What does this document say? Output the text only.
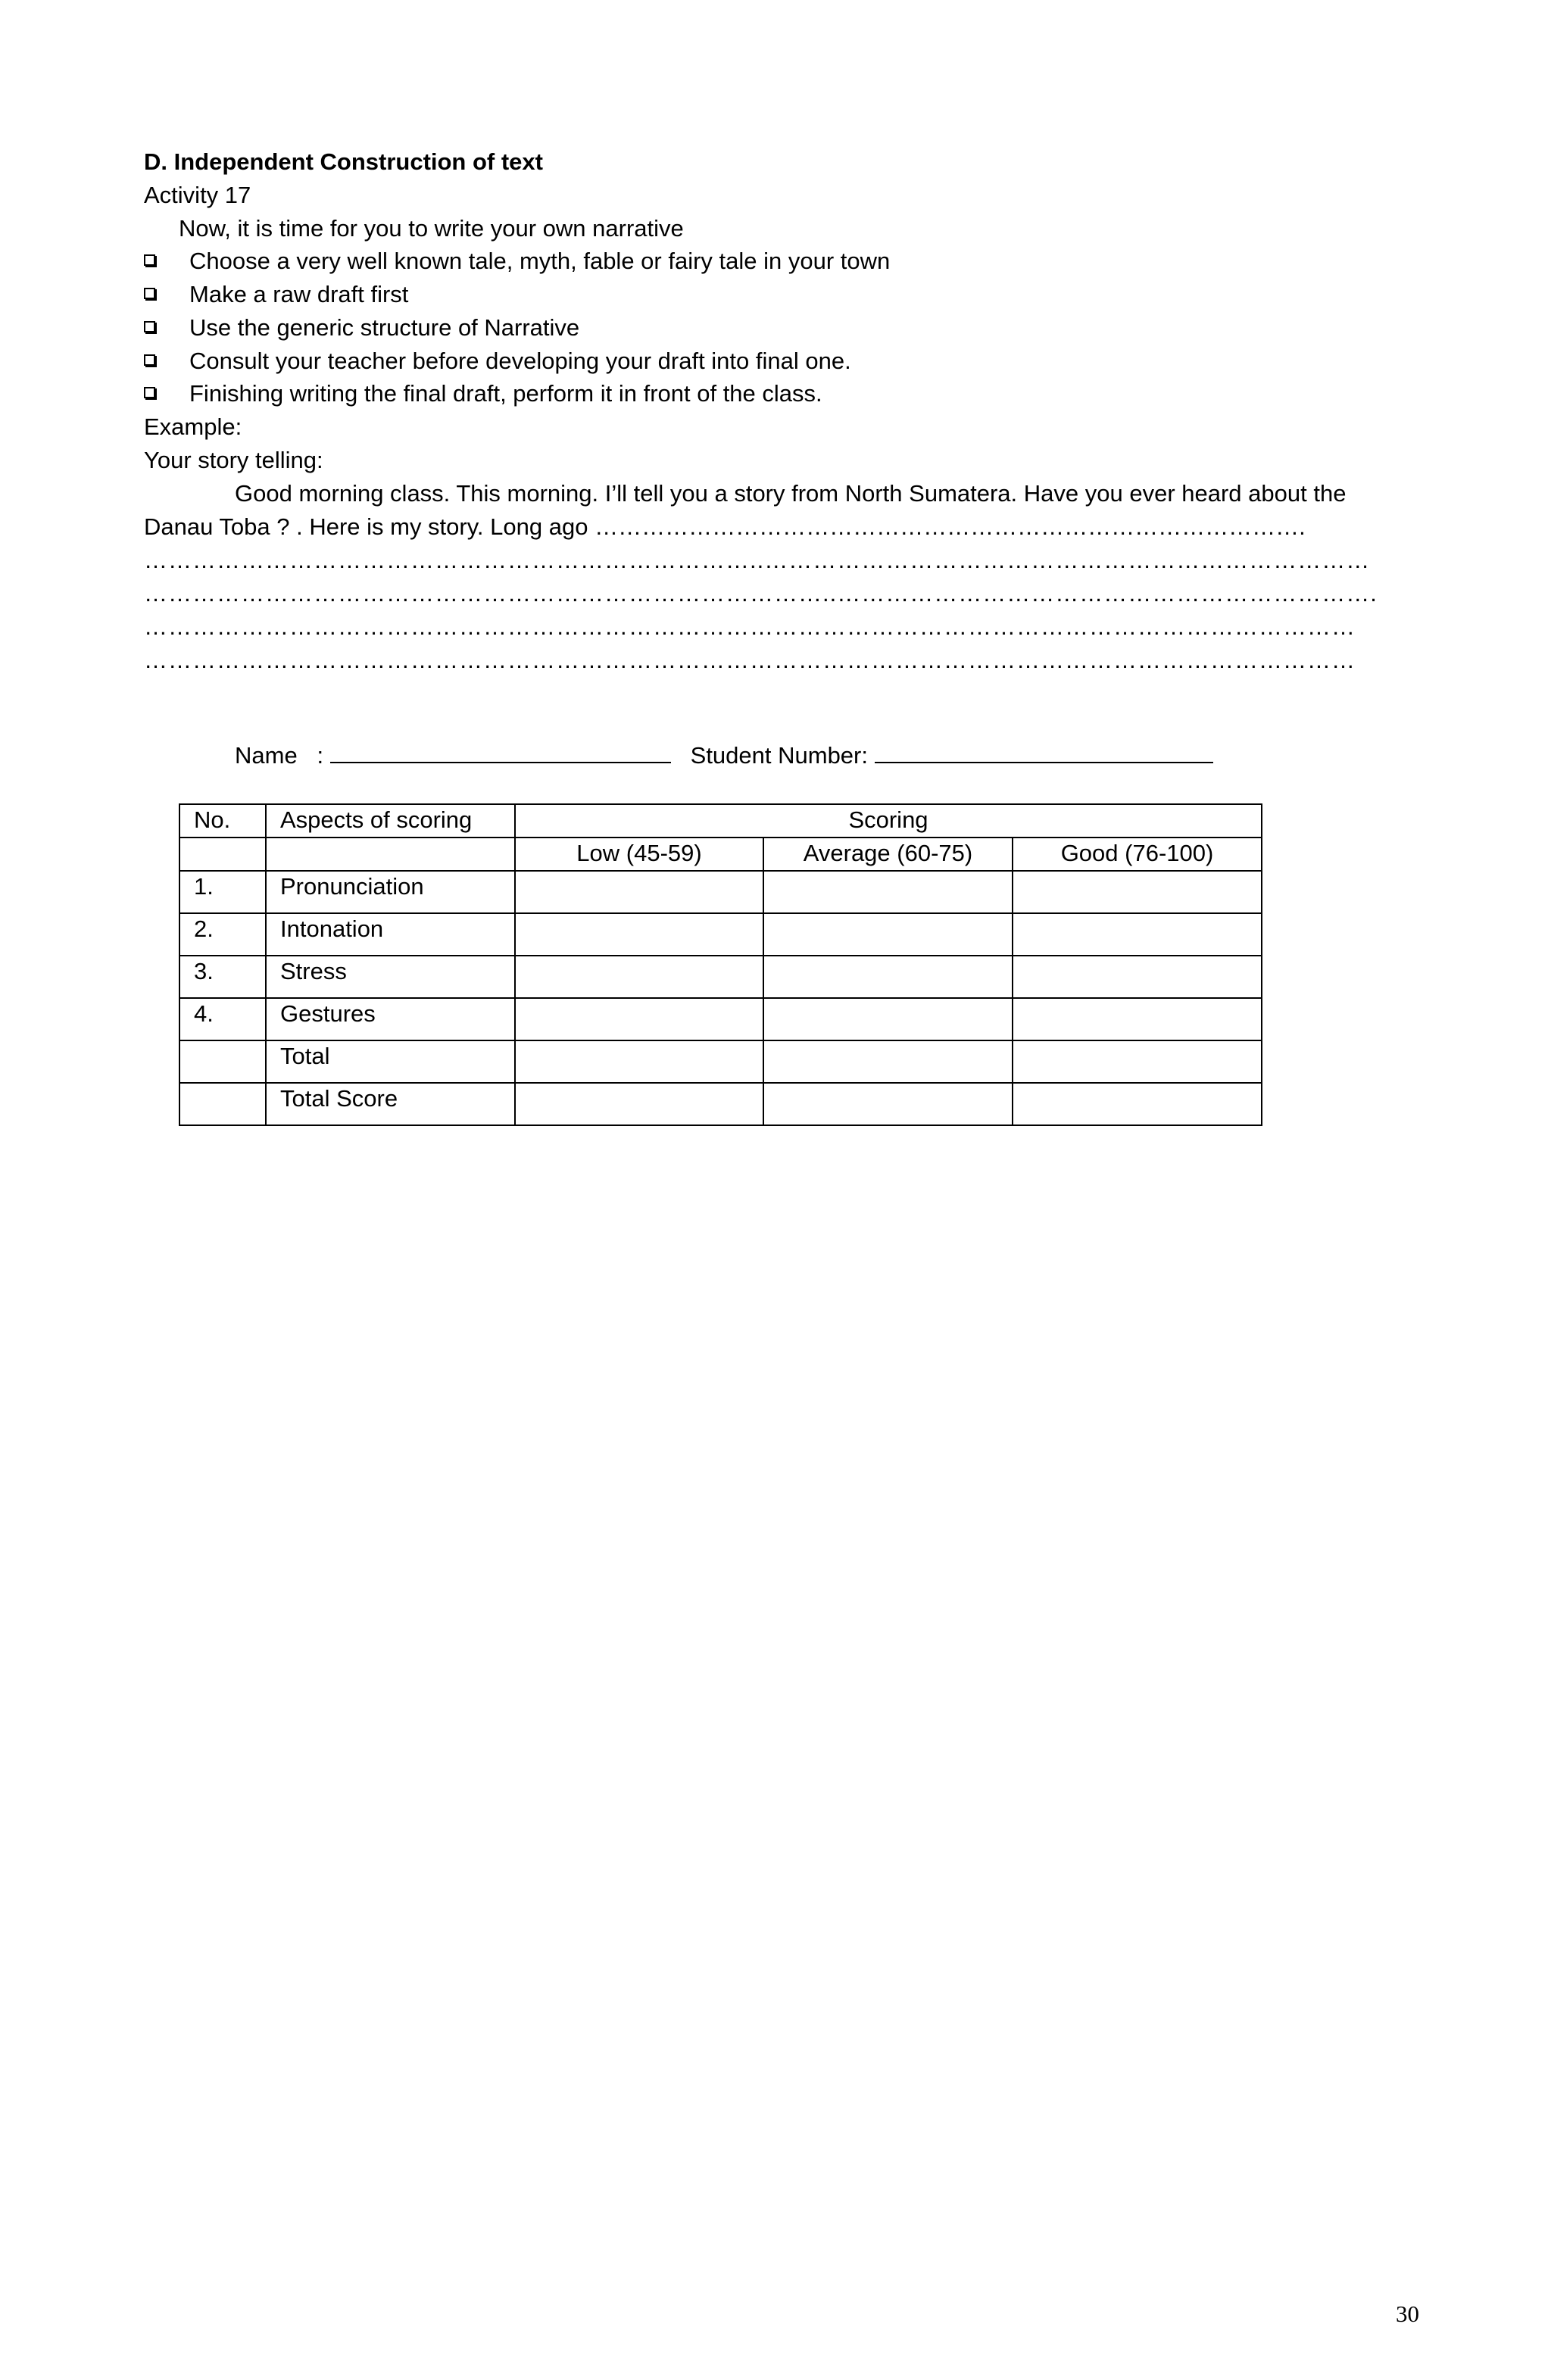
D. Independent Construction of text
Activity 17
Now, it is time for you to write your own narrative
Choose a very well known tale, myth, fable or fairy tale in your town
Make a raw draft first
Use the generic structure of Narrative
Consult your teacher before developing your draft into final one.
Finishing writing the final draft, perform it in front of the class.
Example:
Your story telling:
Good morning class. This morning. I’ll tell you a story from North Sumatera. Have you ever heard about the
Danau Toba ? . Here is my story. Long ago ……………………………………………………………………………….
…………………………………………………………………..…………………………………………………………………
…………………………………………………………………………..………………………………………………………….
……………………………………………………………………………………………………………………………………
……………………………………………………………………………………………………………………………………
Name :	Student Number:
No.	Aspects of scoring	Scoring		
		Low (45-59)	Average (60-75)	Good (76-100)
1.	Pronunciation			
2.	Intonation			
3.	Stress			
4.	Gestures			
	Total			
	Total Score			
30
